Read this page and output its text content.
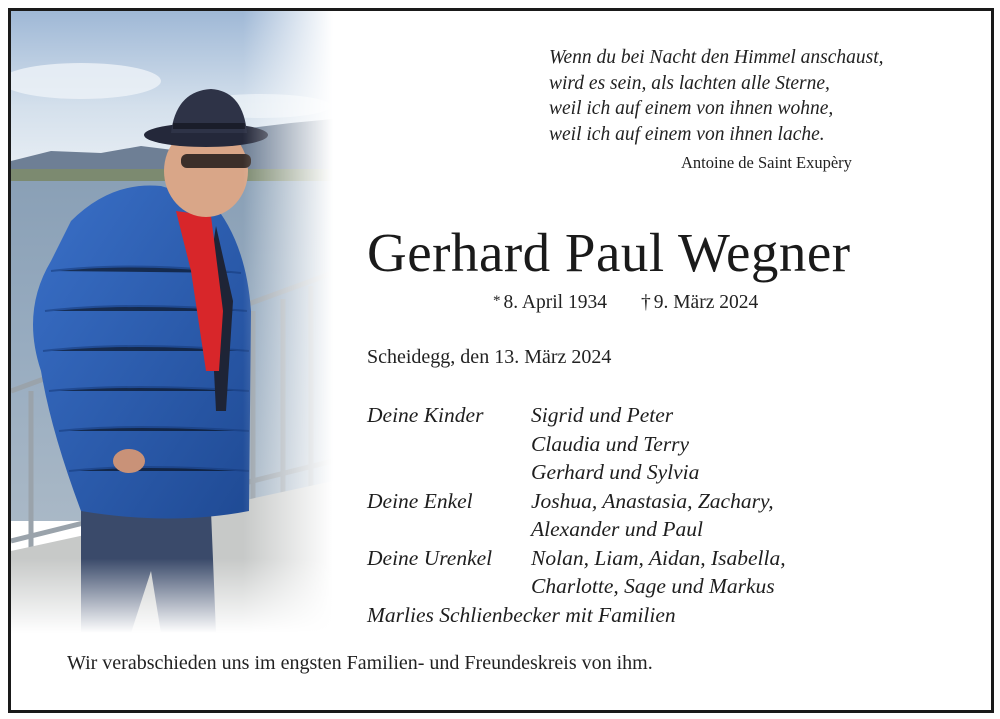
Wenn du bei Nacht den Himmel anschaust,
wird es sein, als lachten alle Sterne,
weil ich auf einem von ihnen wohne,
weil ich auf einem von ihnen lache.
Antoine de Saint Exupèry
Gerhard Paul Wegner
* 8. April 1934 † 9. März 2024
Scheidegg, den 13. März 2024
Deine Kinder Sigrid und Peter
Claudia und Terry
Gerhard und Sylvia
Deine Enkel	Joshua, Anastasia, Zachary,
Alexander und Paul
Deine Urenkel Nolan, Liam, Aidan, Isabella,
Charlotte, Sage und Markus
Marlies Schlienbecker mit Familien
Wir verabschieden uns im engsten Familien- und Freundeskreis von ihm.
